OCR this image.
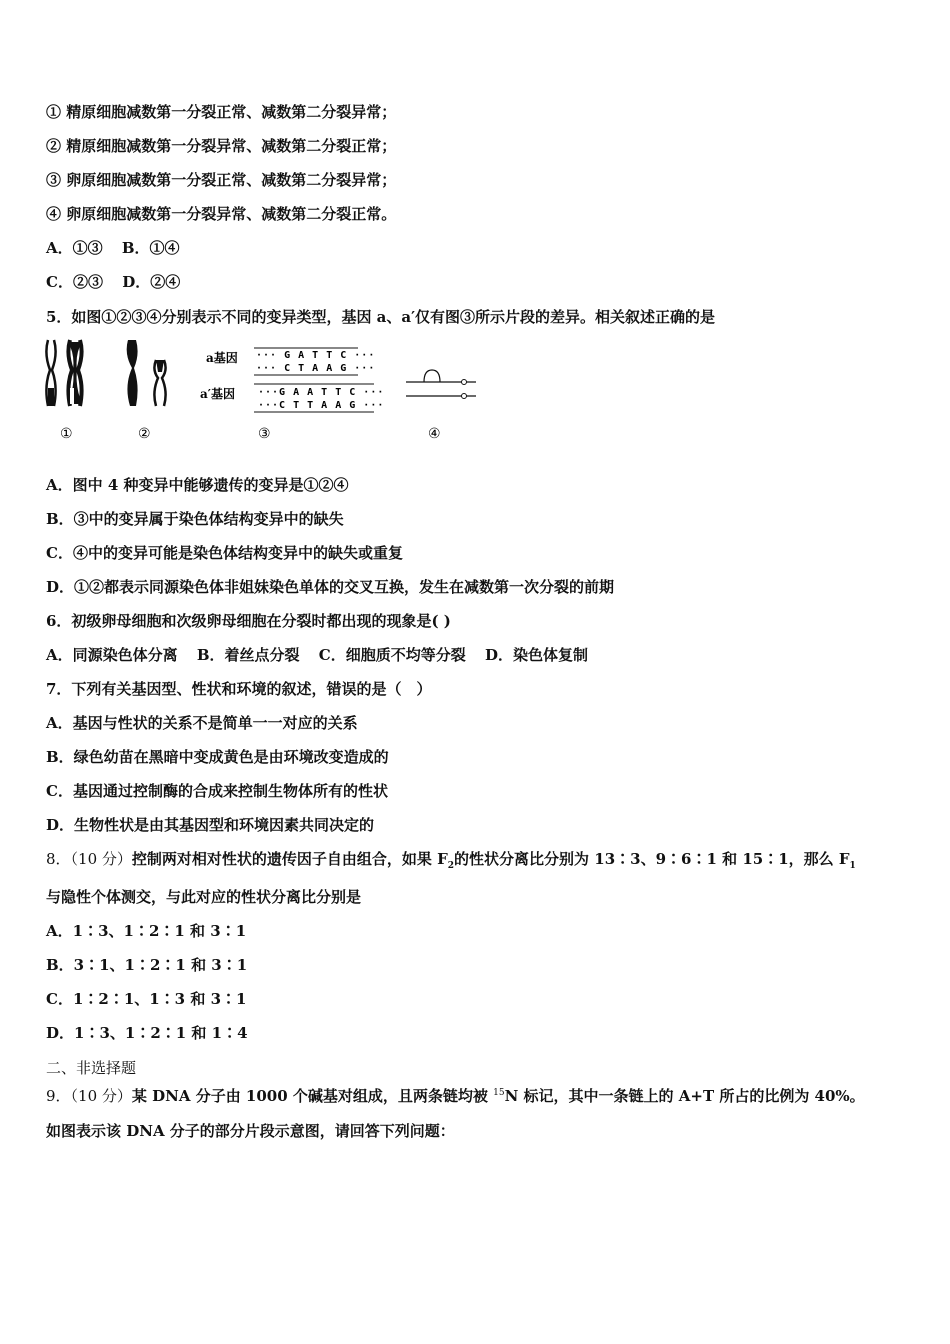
① 精原细胞减数第一分裂正常、减数第二分裂异常；
② 精原细胞减数第一分裂异常、减数第二分裂正常；
③ 卵原细胞减数第一分裂正常、减数第二分裂异常；
④ 卵原细胞减数第一分裂异常、减数第二分裂正常。
A．①③ B．①④
C．②③ D．②④
5．如图①②③④分别表示不同的变异类型，基因 a、a′仅有图③所示片段的差异。相关叙述正确的是
①	②
a基因 ··· G A T T C ···
··· C T A A G ···
a′基因 ···G A A T T C ···
···C T T A A G ···
③	④
A．图中 4 种变异中能够遗传的变异是①②④
B．③中的变异属于染色体结构变异中的缺失
C．④中的变异可能是染色体结构变异中的缺失或重复
D．①②都表示同源染色体非姐妹染色单体的交叉互换，发生在减数第一次分裂的前期
6．初级卵母细胞和次级卵母细胞在分裂时都出现的现象是( )
A．同源染色体分离 B．着丝点分裂 C．细胞质不均等分裂 D．染色体复制
7．下列有关基因型、性状和环境的叙述，错误的是（　）
A．基因与性状的关系不是简单一一对应的关系
B．绿色幼苗在黑暗中变成黄色是由环境改变造成的
C．基因通过控制酶的合成来控制生物体所有的性状
D．生物性状是由其基因型和环境因素共同决定的
8．（10 分）控制两对相对性状的遗传因子自由组合，如果 $F_2$的性状分离比分别为 13∶3、9∶6∶1 和 15∶1，那么 $F_1$
与隐性个体测交，与此对应的性状分离比分别是
A．1∶3、1∶2∶1 和 3∶1
B．3∶1、1∶2∶1 和 3∶1
C．1∶2∶1、1∶3 和 3∶1
D．1∶3、1∶2∶1 和 1∶4
二、非选择题
9．（10 分）某 DNA 分子由 1000 个碱基对组成，且两条链均被 $^{15}$N 标记，其中一条链上的 A+T 所占的比例为 40%。
如图表示该 DNA 分子的部分片段示意图，请回答下列问题：
